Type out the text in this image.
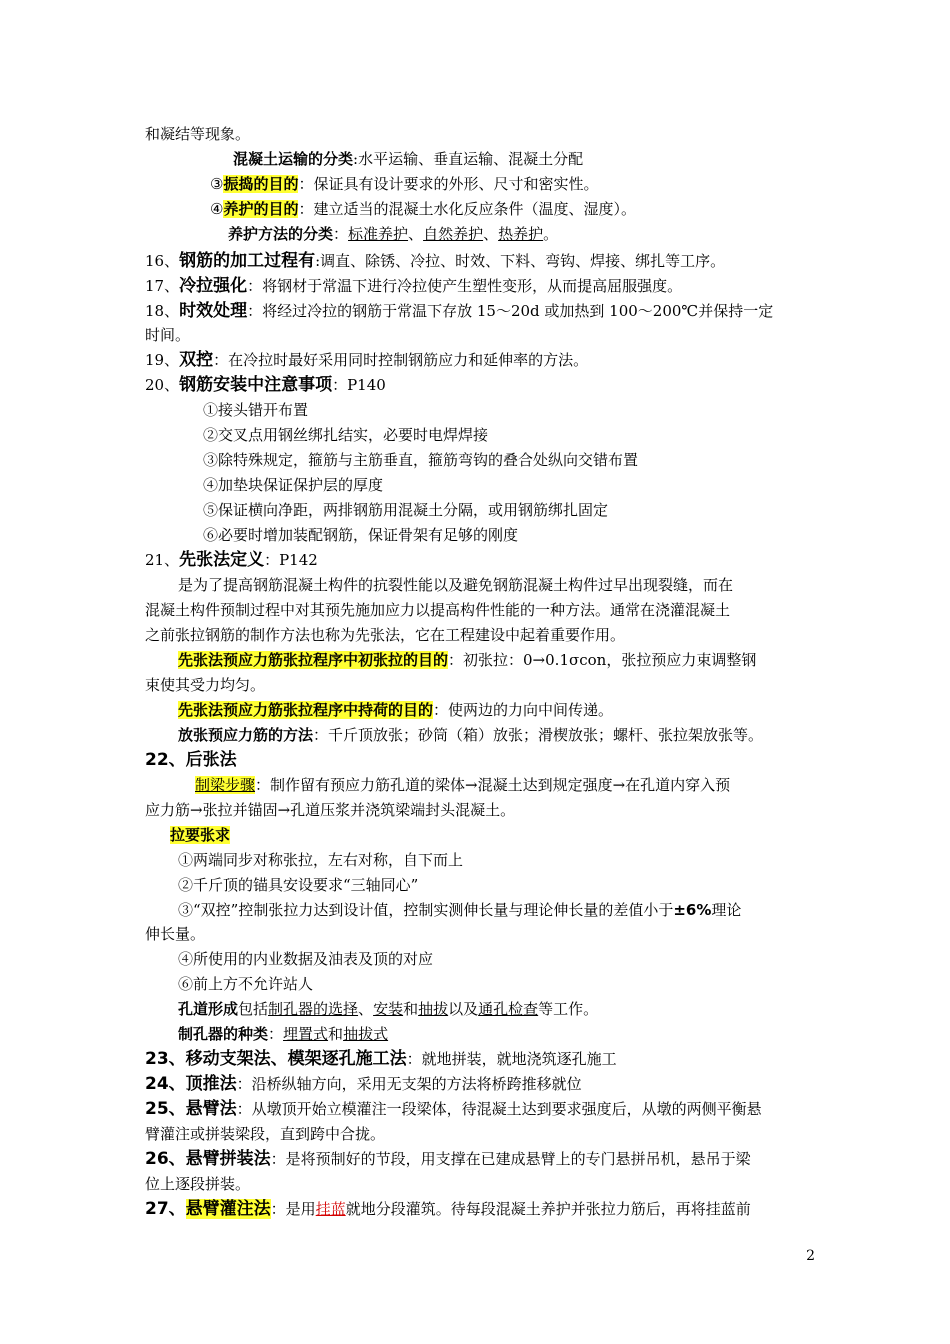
和凝结等现象。
混凝土运输的分类:水平运输、垂直运输、混凝土分配
③振捣的目的：保证具有设计要求的外形、尺寸和密实性。
④养护的目的：建立适当的混凝土水化反应条件（温度、湿度）。
养护方法的分类：标准养护、自然养护、热养护。
16、钢筋的加工过程有:调直、除锈、冷拉、时效、下料、弯钩、焊接、绑扎等工序。
17、冷拉强化：将钢材于常温下进行冷拉使产生塑性变形，从而提高屈服强度。
18、时效处理：将经过冷拉的钢筋于常温下存放 15～20d 或加热到 100～200℃并保持一定
时间。
19、双控：在冷拉时最好采用同时控制钢筋应力和延伸率的方法。
20、钢筋安装中注意事项：P140
①接头错开布置
②交叉点用钢丝绑扎结实，必要时电焊焊接
③除特殊规定，箍筋与主筋垂直，箍筋弯钩的叠合处纵向交错布置
④加垫块保证保护层的厚度
⑤保证横向净距，两排钢筋用混凝土分隔，或用钢筋绑扎固定
⑥必要时增加装配钢筋，保证骨架有足够的刚度
21、先张法定义：P142
是为了提高钢筋混凝土构件的抗裂性能以及避免钢筋混凝土构件过早出现裂缝，而在
混凝土构件预制过程中对其预先施加应力以提高构件性能的一种方法。通常在浇灌混凝土
之前张拉钢筋的制作方法也称为先张法，它在工程建设中起着重要作用。
先张法预应力筋张拉程序中初张拉的目的：初张拉：0→0.1σcon，张拉预应力束调整钢
束使其受力均匀。
先张法预应力筋张拉程序中持荷的目的：使两边的力向中间传递。
放张预应力筋的方法：千斤顶放张；砂筒（箱）放张；滑楔放张；螺杆、张拉架放张等。
22、后张法
制梁步骤：制作留有预应力筋孔道的梁体→混凝土达到规定强度→在孔道内穿入预
应力筋→张拉并锚固→孔道压浆并浇筑梁端封头混凝土。
拉要张求
①两端同步对称张拉，左右对称，自下而上
②千斤顶的锚具安设要求“三轴同心”
③“双控”控制张拉力达到设计值，控制实测伸长量与理论伸长量的差值小于±6%理论
伸长量。
④所使用的内业数据及油表及顶的对应
⑥前上方不允许站人
孔道形成包括制孔器的选择、安装和抽拔以及通孔检查等工作。
制孔器的种类：埋置式和抽拔式
23、移动支架法、模架逐孔施工法：就地拼装，就地浇筑逐孔施工
24、顶推法：沿桥纵轴方向，采用无支架的方法将桥跨推移就位
25、悬臂法：从墩顶开始立模灌注一段梁体，待混凝土达到要求强度后，从墩的两侧平衡悬
臂灌注或拼装梁段，直到跨中合拢。
26、悬臂拼装法：是将预制好的节段，用支撑在已建成悬臂上的专门悬拼吊机，悬吊于梁
位上逐段拼装。
27、悬臂灌注法：是用挂蓝就地分段灌筑。待每段混凝土养护并张拉力筋后，再将挂蓝前
2
